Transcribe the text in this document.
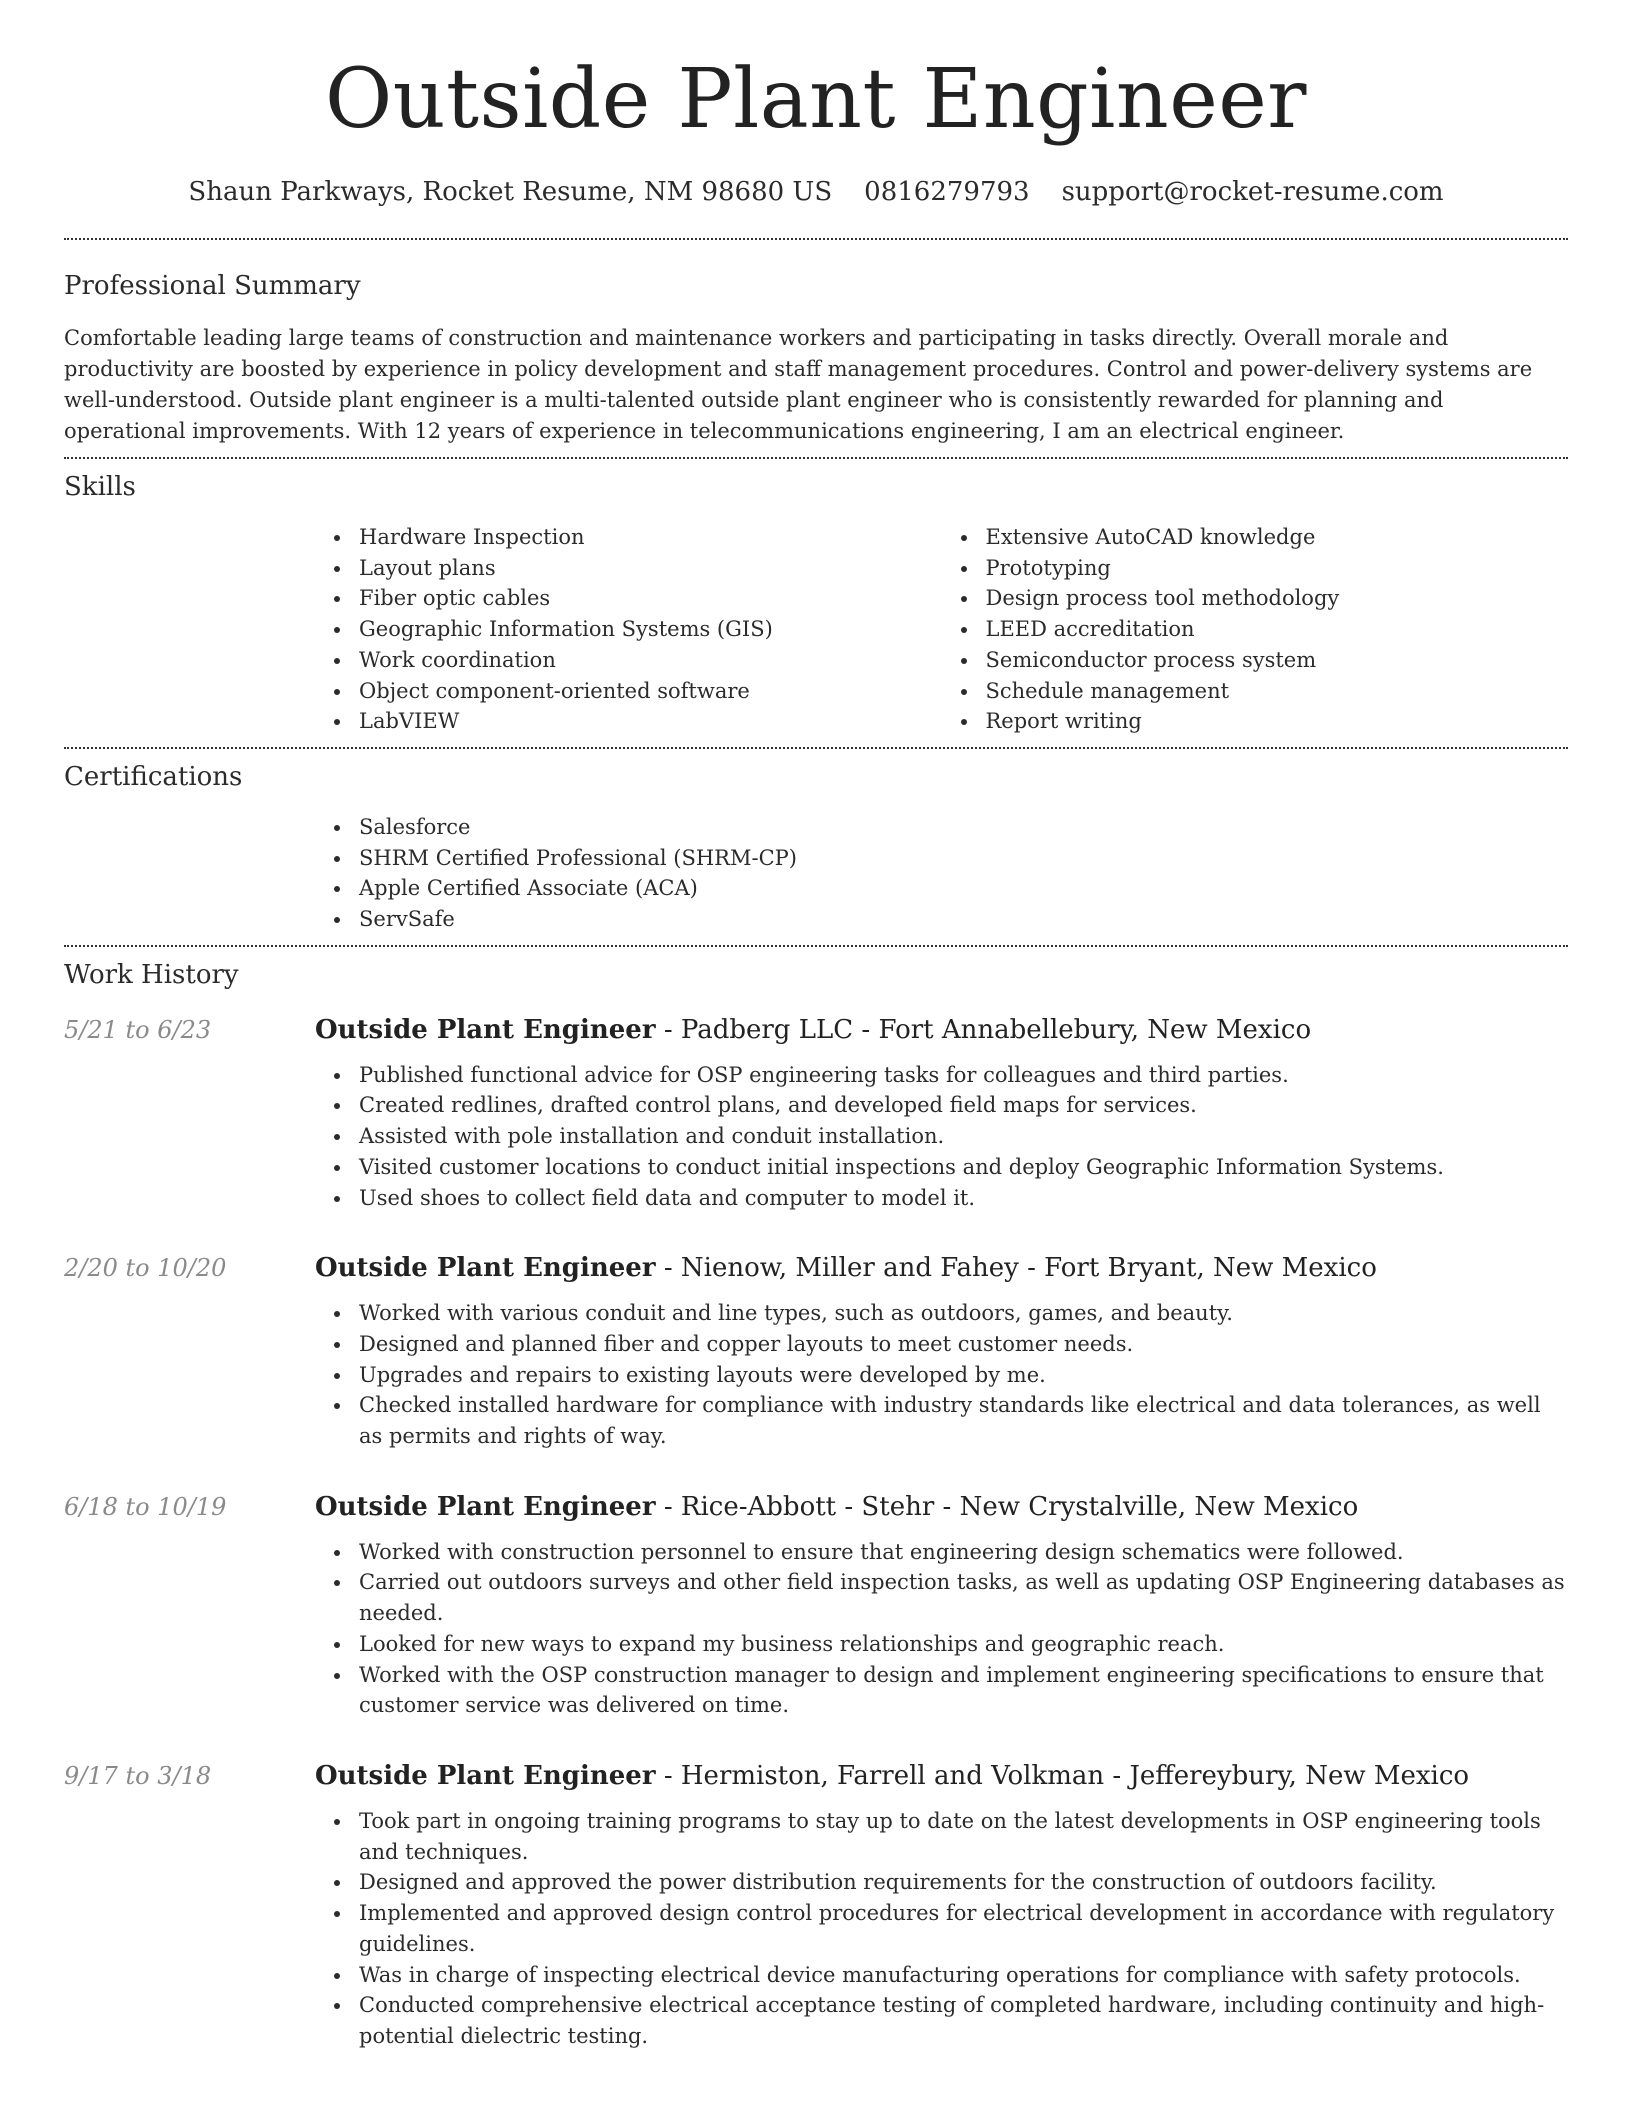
Outside Plant Engineer
Shaun Parkways, Rocket Resume, NM 98680 US 0816279793 support@rocket-resume.com
Professional Summary

Comfortable leading large teams of construction and maintenance workers and participating in tasks directly. Overall morale and productivity are boosted by experience in policy development and staff management procedures. Control and power-delivery systems are well-understood. Outside plant engineer is a multi-talented outside plant engineer who is consistently rewarded for planning and operational improvements. With 12 years of experience in telecommunications engineering, I am an electrical engineer.

Skills
Hardware Inspection
Layout plans
Fiber optic cables
Geographic Information Systems (GIS)
Work coordination
Object component-oriented software
LabVIEW
Extensive AutoCAD knowledge
Prototyping
Design process tool methodology
LEED accreditation
Semiconductor process system
Schedule management
Report writing
Certifications
Salesforce
SHRM Certified Professional (SHRM-CP)
Apple Certified Associate (ACA)
ServSafe
Work History
5/21 to 6/23	Outside Plant Engineer - Padberg LLC - Fort Annabellebury, New Mexico
Published functional advice for OSP engineering tasks for colleagues and third parties.
Created redlines, drafted control plans, and developed field maps for services.
Assisted with pole installation and conduit installation.
Visited customer locations to conduct initial inspections and deploy Geographic Information Systems.
Used shoes to collect field data and computer to model it.
2/20 to 10/20	Outside Plant Engineer - Nienow, Miller and Fahey - Fort Bryant, New Mexico
Worked with various conduit and line types, such as outdoors, games, and beauty.
Designed and planned fiber and copper layouts to meet customer needs.
Upgrades and repairs to existing layouts were developed by me.
Checked installed hardware for compliance with industry standards like electrical and data tolerances, as well as permits and rights of way.
6/18 to 10/19	Outside Plant Engineer - Rice-Abbott - Stehr - New Crystalville, New Mexico
Worked with construction personnel to ensure that engineering design schematics were followed.
Carried out outdoors surveys and other field inspection tasks, as well as updating OSP Engineering databases as needed.
Looked for new ways to expand my business relationships and geographic reach.
Worked with the OSP construction manager to design and implement engineering specifications to ensure that customer service was delivered on time.
9/17 to 3/18	Outside Plant Engineer - Hermiston, Farrell and Volkman - Jeffereybury, New Mexico
Took part in ongoing training programs to stay up to date on the latest developments in OSP engineering tools and techniques.
Designed and approved the power distribution requirements for the construction of outdoors facility.
Implemented and approved design control procedures for electrical development in accordance with regulatory guidelines.
Was in charge of inspecting electrical device manufacturing operations for compliance with safety protocols.
Conducted comprehensive electrical acceptance testing of completed hardware, including continuity and high-potential dielectric testing.
